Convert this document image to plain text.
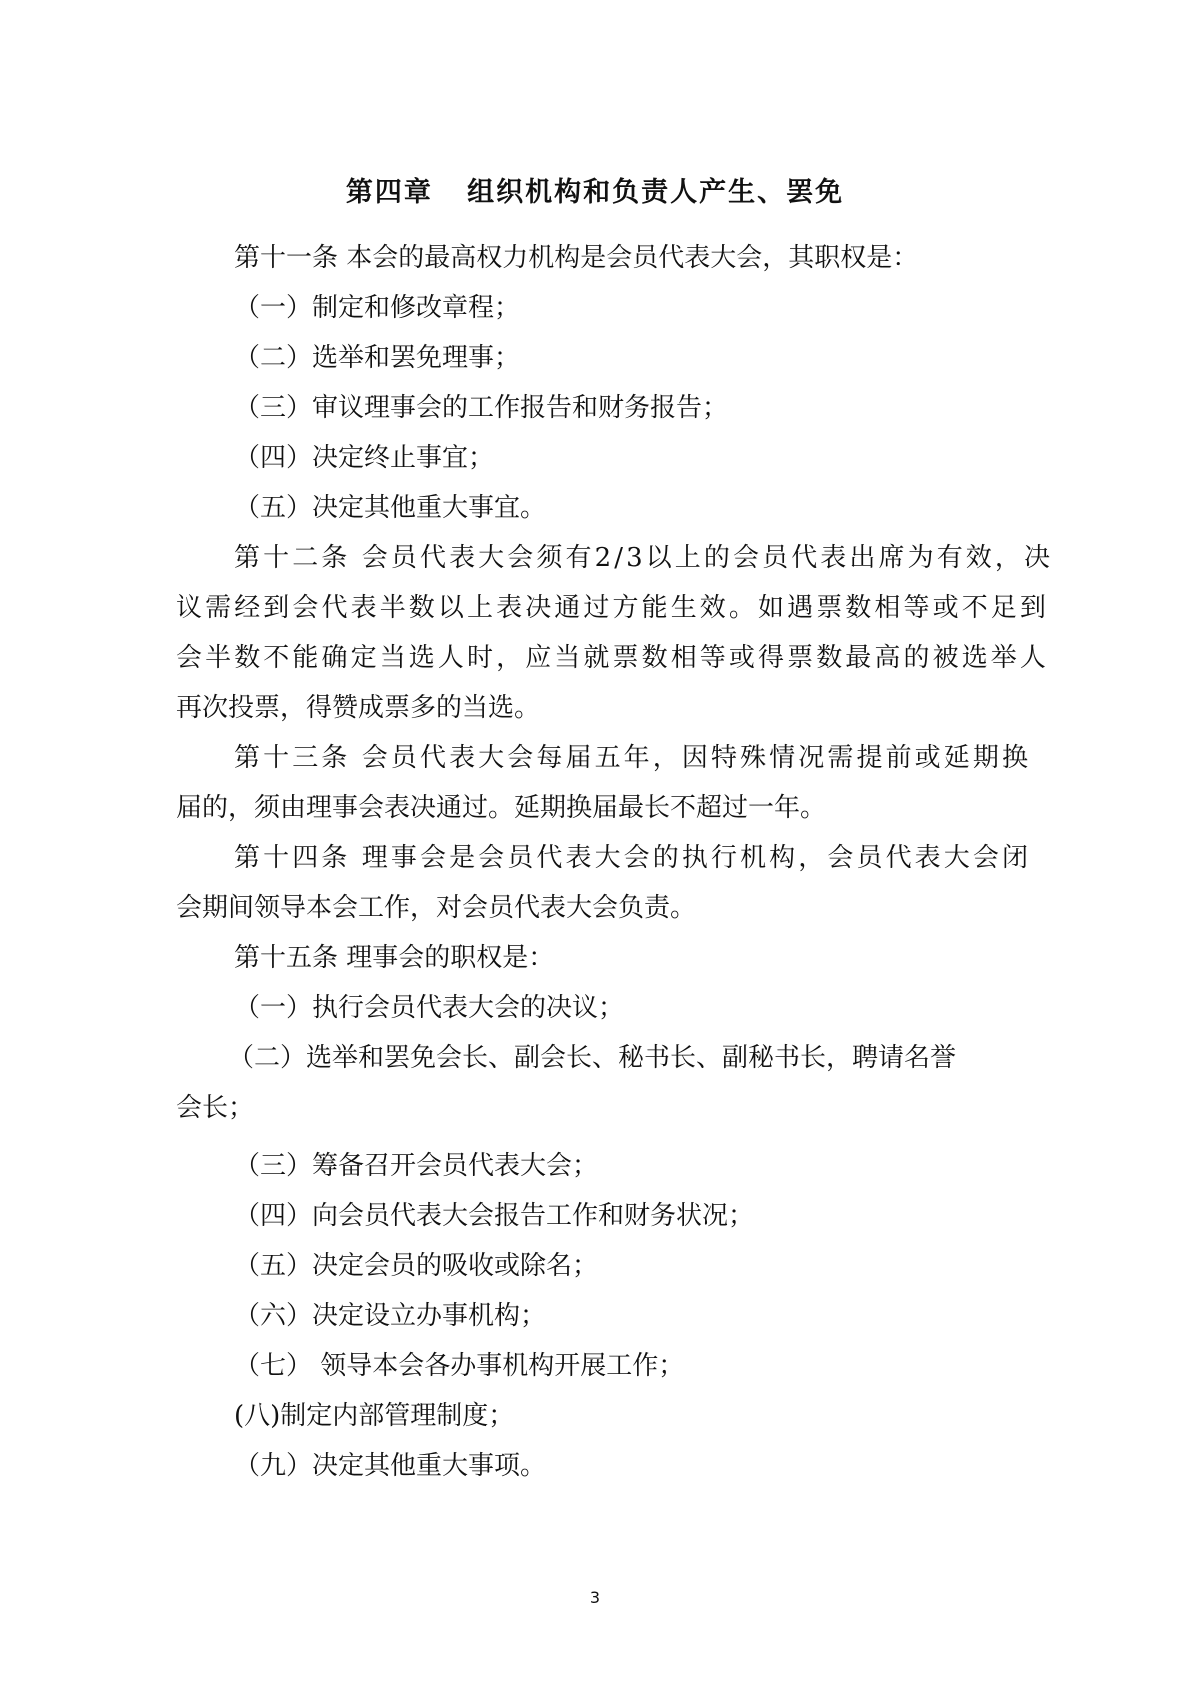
第四章   组织机构和负责人产生、罢免
第十一条 本会的最高权力机构是会员代表大会，其职权是：
（一）制定和修改章程；
（二）选举和罢免理事；
（三）审议理事会的工作报告和财务报告；
（四）决定终止事宜；
（五）决定其他重大事宜。
第十二条 会员代表大会须有2/3以上的会员代表出席为有效，决
议需经到会代表半数以上表决通过方能生效。如遇票数相等或不足到
会半数不能确定当选人时，应当就票数相等或得票数最高的被选举人
再次投票，得赞成票多的当选。
第十三条 会员代表大会每届五年，因特殊情况需提前或延期换
届的，须由理事会表决通过。延期换届最长不超过一年。
第十四条 理事会是会员代表大会的执行机构，会员代表大会闭
会期间领导本会工作，对会员代表大会负责。
第十五条 理事会的职权是：
（一）执行会员代表大会的决议；
（二）选举和罢免会长、副会长、秘书长、副秘书长，聘请名誉
会长；
（三）筹备召开会员代表大会；
（四）向会员代表大会报告工作和财务状况；
（五）决定会员的吸收或除名；
（六）决定设立办事机构；
（七） 领导本会各办事机构开展工作；
(八)制定内部管理制度；
（九）决定其他重大事项。
3
